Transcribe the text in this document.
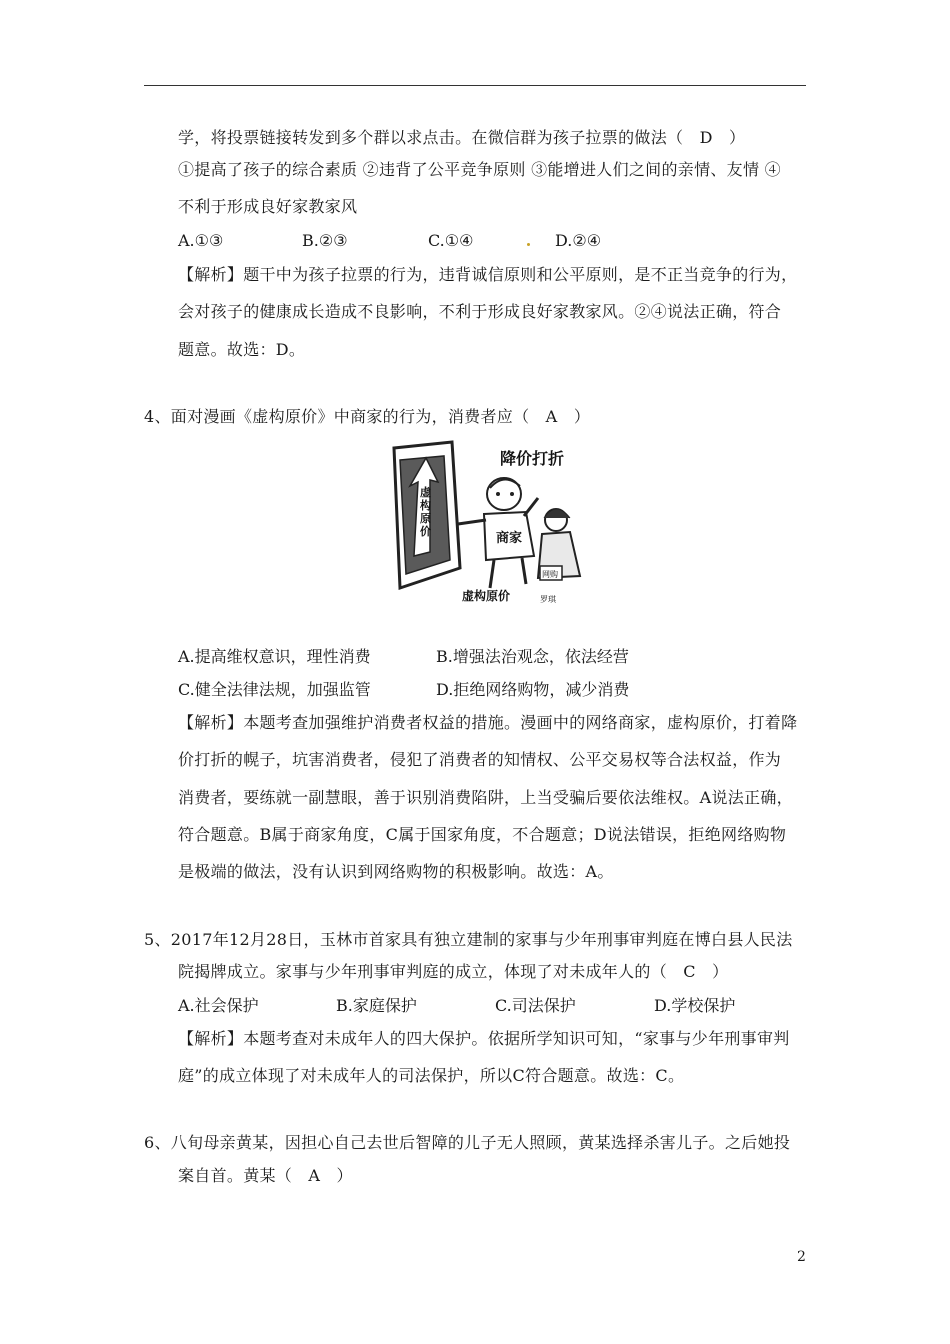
学，将投票链接转发到多个群以求点击。在微信群为孩子拉票的做法（　D　）
①提高了孩子的综合素质 ②违背了公平竞争原则 ③能增进人们之间的亲情、友情 ④
不利于形成良好家教家风
A.①③	B.②③	C.①④	D.②④
【解析】题干中为孩子拉票的行为，违背诚信原则和公平原则，是不正当竞争的行为，
会对孩子的健康成长造成不良影响，不利于形成良好家教家风。②④说法正确，符合
题意。故选：D。
4、面对漫画《虚构原价》中商家的行为，消费者应（　A　）
虚
构
原
价
降价打折
商家
网购
虚构原价	罗琪
A.提高维权意识，理性消费	B.增强法治观念，依法经营
C.健全法律法规，加强监管	D.拒绝网络购物，减少消费
【解析】本题考查加强维护消费者权益的措施。漫画中的网络商家，虚构原价，打着降
价打折的幌子，坑害消费者，侵犯了消费者的知情权、公平交易权等合法权益，作为
消费者，要练就一副慧眼，善于识别消费陷阱，上当受骗后要依法维权。A说法正确，
符合题意。B属于商家角度，C属于国家角度，不合题意；D说法错误，拒绝网络购物
是极端的做法，没有认识到网络购物的积极影响。故选：A。
5、2017年12月28日，玉林市首家具有独立建制的家事与少年刑事审判庭在博白县人民法
院揭牌成立。家事与少年刑事审判庭的成立，体现了对未成年人的（　C　）
A.社会保护	B.家庭保护	C.司法保护	D.学校保护
【解析】本题考查对未成年人的四大保护。依据所学知识可知，“家事与少年刑事审判
庭”的成立体现了对未成年人的司法保护，所以C符合题意。故选：C。
6、八旬母亲黄某，因担心自己去世后智障的儿子无人照顾，黄某选择杀害儿子。之后她投
案自首。黄某（　A　）
2
